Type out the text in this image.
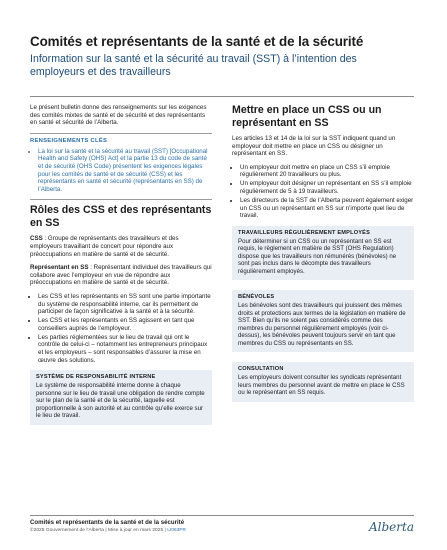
Comités et représentants de la santé et de la sécurité
Information sur la santé et la sécurité au travail (SST) à l’intention des employeurs et des travailleurs

Le présent bulletin donne des renseignements sur les exigences des comités mixtes de santé et de sécurité et des représentants en santé et sécurité de l’Alberta.

RENSEIGNEMENTS CLÉS
• La loi sur la santé et la sécurité au travail (SST) [Occupational Health and Safety (OHS) Act] et la partie 13 du code de santé et de sécurité (OHS Code) présentent les exigences légales pour les comités de santé et de sécurité (CSS) et les représentants en santé et sécurité (représentants en SS) de l’Alberta.
Rôles des CSS et des représentants en SS

CSS : Groupe de représentants des travailleurs et des employeurs travaillant de concert pour répondre aux préoccupations en matière de santé et de sécurité.

Représentant en SS : Représentant individuel des travailleurs qui collabore avec l’employeur en vue de répondre aux préoccupations en matière de santé et de sécurité.

• Les CSS et les représentants en SS sont une partie importante du système de responsabilité interne, car ils permettent de participer de façon significative à la santé et à la sécurité.
• Les CSS et les représentants en SS agissent en tant que conseillers auprès de l’employeur.
• Les parties réglementées sur le lieu de travail qui ont le contrôle de celui-ci – notamment les entrepreneurs principaux et les employeurs – sont responsables d’assurer la mise en œuvre des solutions.
SYSTÈME DE RESPONSABILITÉ INTERNE

Le système de responsabilité interne donne à chaque personne sur le lieu de travail une obligation de rendre compte sur le plan de la santé et de la sécurité, laquelle est proportionnelle à son autorité et au contrôle qu’elle exerce sur le lieu de travail.

Mettre en place un CSS ou un représentant en SS

Les articles 13 et 14 de la loi sur la SST indiquent quand un employeur doit mettre en place un CSS ou désigner un représentant en SS.

• Un employeur doit mettre en place un CSS s’il emploie régulièrement 20 travailleurs ou plus.
• Un employeur doit désigner un représentant en SS s’il emploie régulièrement de 5 à 19 travailleurs.
• Les directeurs de la SST de l’Alberta peuvent également exiger un CSS ou un représentant en SS sur n’importe quel lieu de travail.
TRAVAILLEURS RÉGULIÈREMENT EMPLOYÉS

Pour déterminer si un CSS ou un représentant en SS est requis, le règlement en matière de SST (OHS Regulation) dispose que les travailleurs non rémunérés (bénévoles) ne sont pas inclus dans le décompte des travailleurs régulièrement employés.

BÉNÉVOLES

Les bénévoles sont des travailleurs qui jouissent des mêmes droits et protections aux termes de la législation en matière de SST. Bien qu’ils ne soient pas considérés comme des membres du personnel régulièrement employés (voir ci-dessus), les bénévoles peuvent toujours servir en tant que membres du CSS ou représentants en SS.

CONSULTATION

Les employeurs doivent consulter les syndicats représentant leurs membres du personnel avant de mettre en place le CSS ou le représentant en SS requis.

Comités et représentants de la santé et de la sécurité
©2025 Gouvernement de l’Alberta | Mise à jour en mars 2025 | LI063FR	Alberta
